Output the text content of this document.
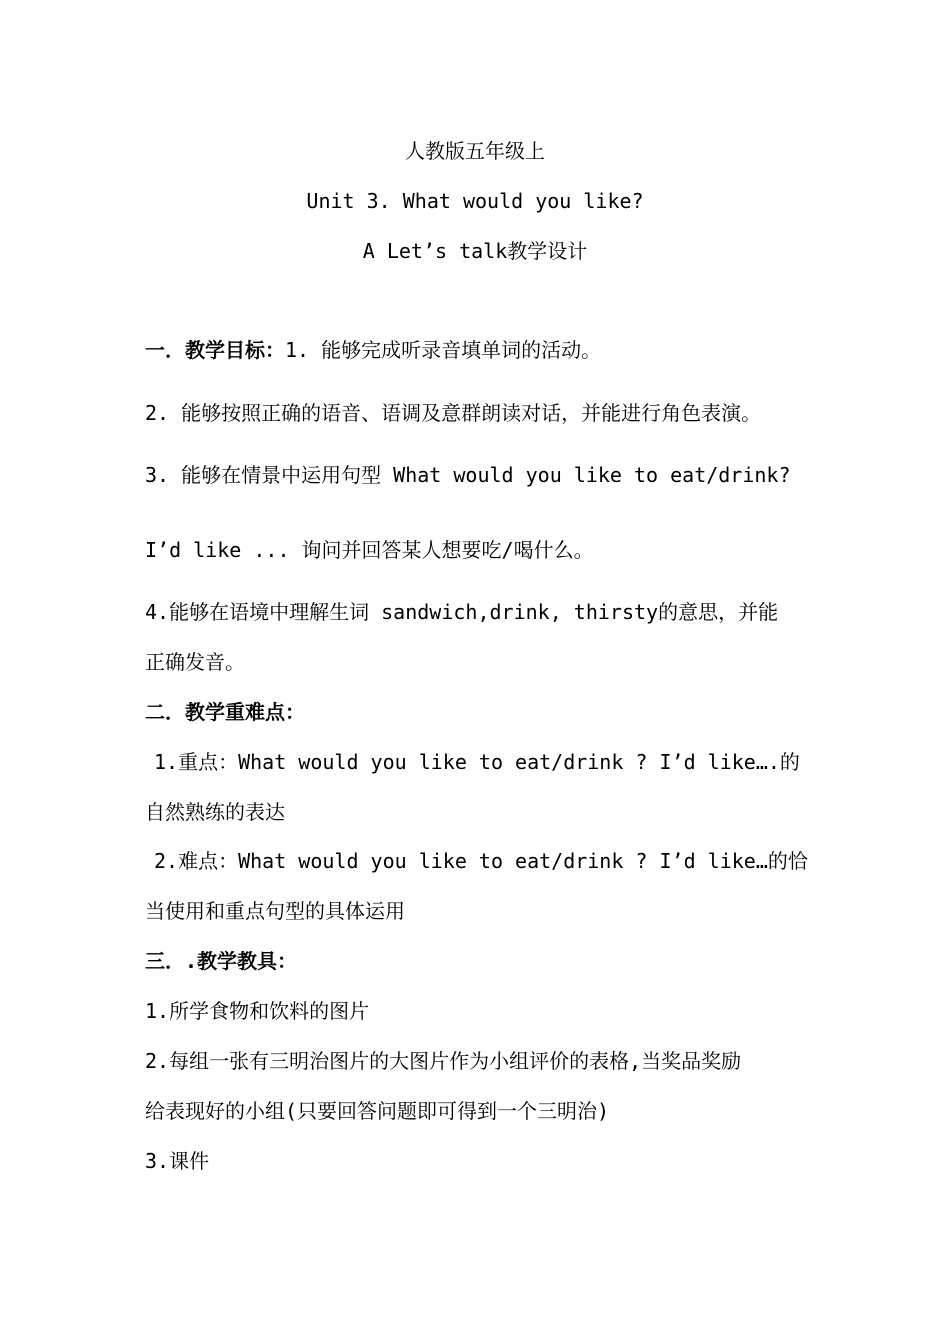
人教版五年级上
Unit 3. What would you like?
A Let’s talk教学设计
一．教学目标：1. 能够完成听录音填单词的活动。
2. 能够按照正确的语音、语调及意群朗读对话，并能进行角色表演。
3. 能够在情景中运用句型 What would you like to eat/drink?
I’d like ... 询问并回答某人想要吃/喝什么。
4.能够在语境中理解生词 sandwich,drink, thirsty的意思，并能
正确发音。
二．教学重难点：
1.重点：What would you like to eat/drink ? I’d like….的
自然熟练的表达
2.难点：What would you like to eat/drink ? I’d like…的恰
当使用和重点句型的具体运用
三．.教学教具：
1.所学食物和饮料的图片
2.每组一张有三明治图片的大图片作为小组评价的表格,当奖品奖励
给表现好的小组(只要回答问题即可得到一个三明治)
3.课件
